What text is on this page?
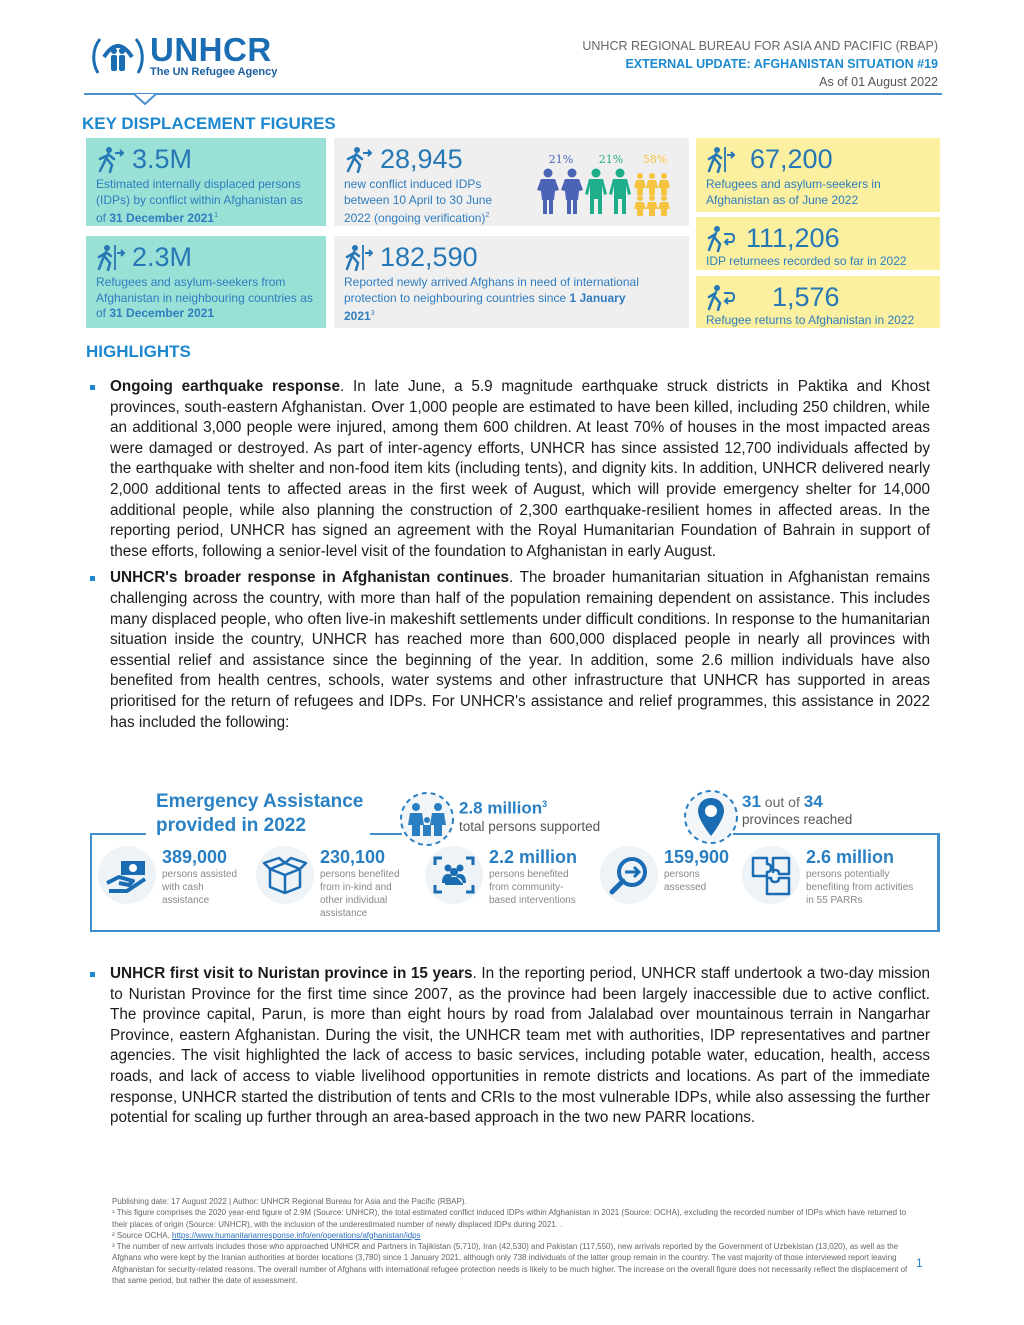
UNHCR
The UN Refugee Agency
UNHCR REGIONAL BUREAU FOR ASIA AND PACIFIC (RBAP)
EXTERNAL UPDATE: AFGHANISTAN SITUATION #19
As of 01 August 2022
KEY DISPLACEMENT FIGURES
3.5M
Estimated internally displaced persons (IDPs) by conflict within Afghanistan as of 31 December 2021$^1$
28,945
new conflict induced IDPs between 10 April to 30 June 2022 (ongoing verification)$^2$
21%	21%	58%	67,200
Refugees and asylum-seekers in Afghanistan as of June 2022
2.3M
Refugees and asylum-seekers from Afghanistan in neighbouring countries as of 31 December 2021
182,590
Reported newly arrived Afghans in need of international protection to neighbouring countries since 1 January 2021$^3$
111,206
IDP returnees recorded so far in 2022
1,576
Refugee returns to Afghanistan in 2022
HIGHLIGHTS
Ongoing earthquake response. In late June, a 5.9 magnitude earthquake struck districts in Paktika and Khost provinces, south-eastern Afghanistan. Over 1,000 people are estimated to have been killed, including 250 children, while an additional 3,000 people were injured, among them 600 children. At least 70% of houses in the most impacted areas were damaged or destroyed. As part of inter-agency efforts, UNHCR has since assisted 12,700 individuals affected by the earthquake with shelter and non-food item kits (including tents), and dignity kits. In addition, UNHCR delivered nearly 2,000 additional tents to affected areas in the first week of August, which will provide emergency shelter for 14,000 additional people, while also planning the construction of 2,300 earthquake-resilient homes in affected areas. In the reporting period, UNHCR has signed an agreement with the Royal Humanitarian Foundation of Bahrain in support of these efforts, following a senior-level visit of the foundation to Afghanistan in early August.
UNHCR's broader response in Afghanistan continues. The broader humanitarian situation in Afghanistan remains challenging across the country, with more than half of the population remaining dependent on assistance. This includes many displaced people, who often live-in makeshift settlements under difficult conditions. In response to the humanitarian situation inside the country, UNHCR has reached more than 600,000 displaced people in nearly all provinces with essential relief and assistance since the beginning of the year. In addition, some 2.6 million individuals have also benefited from health centres, schools, water systems and other infrastructure that UNHCR has supported in areas prioritised for the return of refugees and IDPs. For UNHCR's assistance and relief programmes, this assistance in 2022 has included the following:
Emergency Assistance
provided in 2022
2.8 million$^3$
total persons supported
31 out of 34
provinces reached
389,000
persons assisted with cash assistance
230,100
persons benefited from in-kind and other individual assistance
2.2 million
persons benefited from community-based interventions
159,900
persons assessed
2.6 million
persons potentially benefiting from activities in 55 PARRs
UNHCR first visit to Nuristan province in 15 years. In the reporting period, UNHCR staff undertook a two-day mission to Nuristan Province for the first time since 2007, as the province had been largely inaccessible due to active conflict. The province capital, Parun, is more than eight hours by road from Jalalabad over mountainous terrain in Nangarhar Province, eastern Afghanistan. During the visit, the UNHCR team met with authorities, IDP representatives and partner agencies. The visit highlighted the lack of access to basic services, including potable water, education, health, access roads, and lack of access to viable livelihood opportunities in remote districts and locations. As part of the immediate response, UNHCR started the distribution of tents and CRIs to the most vulnerable IDPs, while also assessing the further potential for scaling up further through an area-based approach in the two new PARR locations.
Publishing date: 17 August 2022 | Author: UNHCR Regional Bureau for Asia and the Pacific (RBAP).
¹ This figure comprises the 2020 year-end figure of 2.9M (Source: UNHCR), the total estimated conflict induced IDPs within Afghanistan in 2021 (Source: OCHA), excluding the recorded number of IDPs which have returned to their places of origin (Source: UNHCR), with the inclusion of the underestimated number of newly displaced IDPs during 2021. .
² Source OCHA. https://www.humanitarianresponse.info/en/operations/afghanistan/idps
³ The number of new arrivals includes those who approached UNHCR and Partners in Tajikistan (5,710), Iran (42,530) and Pakistan (117,550), new arrivals reported by the Government of Uzbekistan (13,020), as well as the Afghans who were kept by the Iranian authorities at border locations (3,780) since 1 January 2021, although only 738 individuals of the latter group remain in the country. The vast majority of those interviewed report leaving Afghanistan for security-related reasons. The overall number of Afghans with international refugee protection needs is likely to be much higher. The increase on the overall figure does not necessarily reflect the displacement of that same period, but rather the date of assessment.
1
